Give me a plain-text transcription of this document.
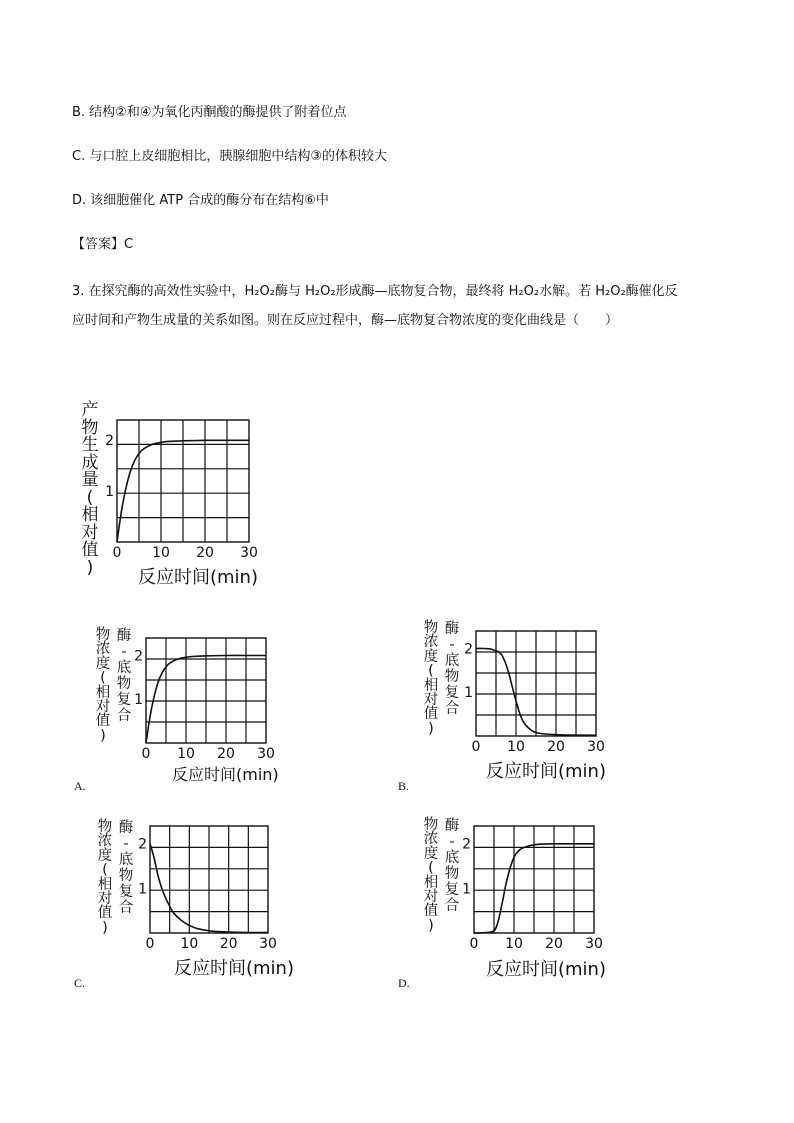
B. 结构②和④为氧化丙酮酸的酶提供了附着位点
C. 与口腔上皮细胞相比，胰腺细胞中结构③的体积较大
D. 该细胞催化 ATP 合成的酶分布在结构⑥中
【答案】C
3. 在探究酶的高效性实验中，H₂O₂酶与 H₂O₂形成酶—底物复合物，最终将 H₂O₂水解。若 H₂O₂酶催化反
应时间和产物生成量的关系如图。则在反应过程中，酶—底物复合物浓度的变化曲线是（　　）
产
物
生
成
量
(
相
对
值
)
0 10 20 30
1
2
反应时间(min)
物
浓
度
(
相
对
值
)
酶
-
底
物
复
合
0 10 20 30
1
2
反应时间(min)
A.
物
浓
度
(
相
对
值
)
酶
-
底
物
复
合
0 10 20 30
1
2
反应时间(min)
B.
物
浓
度
(
相
对
值
)
酶
-
底
物
复
合
0 10 20 30
1
2
反应时间(min)
C.
物
浓
度
(
相
对
值
)
酶
-
底
物
复
合
0 10 20 30
1
2
反应时间(min)
D.
